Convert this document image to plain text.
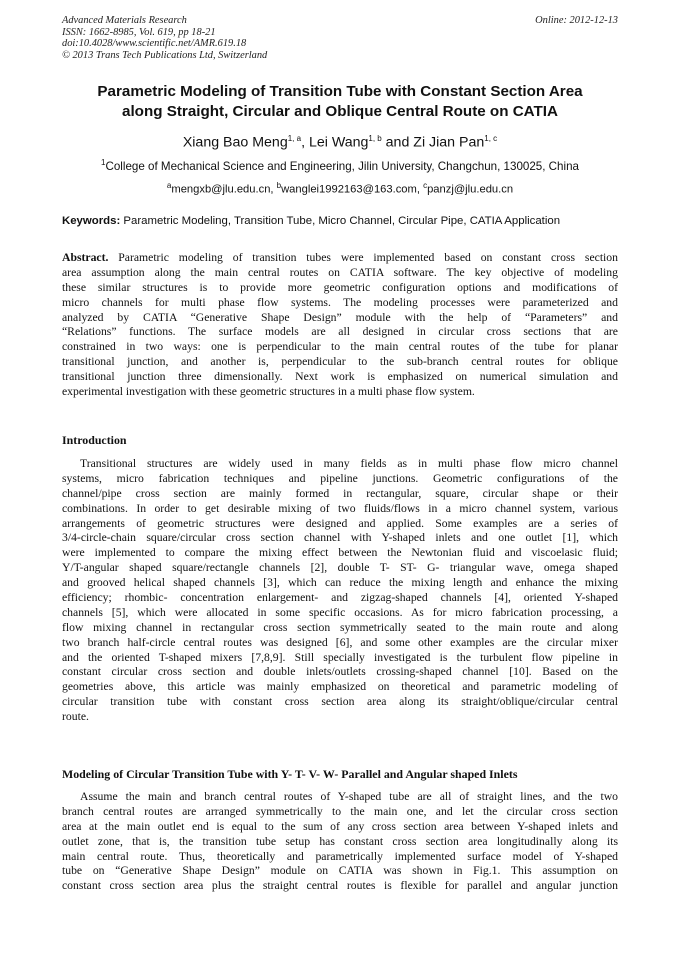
Advanced Materials Research
ISSN: 1662-8985, Vol. 619, pp 18-21
doi:10.4028/www.scientific.net/AMR.619.18
© 2013 Trans Tech Publications Ltd, Switzerland
Online: 2012-12-13
Parametric Modeling of Transition Tube with Constant Section Area
along Straight, Circular and Oblique Central Route on CATIA
Xiang Bao Meng$^{1, a}$, Lei Wang$^{1, b}$ and Zi Jian Pan$^{1, c}$
$^1$College of Mechanical Science and Engineering, Jilin University, Changchun, 130025, China
$^a$mengxb@jlu.edu.cn, $^b$wanglei1992163@163.com, $^c$panzj@jlu.edu.cn
Keywords: Parametric Modeling, Transition Tube, Micro Channel, Circular Pipe, CATIA Application
Abstract. Parametric modeling of transition tubes were implemented based on constant cross section
area assumption along the main central routes on CATIA software. The key objective of modeling
these similar structures is to provide more geometric configuration options and modifications of
micro channels for multi phase flow systems. The modeling processes were parameterized and
analyzed by CATIA “Generative Shape Design” module with the help of “Parameters” and
“Relations” functions. The surface models are all designed in circular cross sections that are
constrained in two ways: one is perpendicular to the main central routes of the tube for planar
transitional junction, and another is, perpendicular to the sub-branch central routes for oblique
transitional junction three dimensionally. Next work is emphasized on numerical simulation and
experimental investigation with these geometric structures in a multi phase flow system.
Introduction
Transitional structures are widely used in many fields as in multi phase flow micro channel
systems, micro fabrication techniques and pipeline junctions. Geometric configurations of the
channel/pipe cross section are mainly formed in rectangular, square, circular shape or their
combinations. In order to get desirable mixing of two fluids/flows in a micro channel system, various
arrangements of geometric structures were designed and applied. Some examples are a series of
3/4-circle-chain square/circular cross section channel with Y-shaped inlets and one outlet [1], which
were implemented to compare the mixing effect between the Newtonian fluid and viscoelasic fluid;
Y/T-angular shaped square/rectangle channels [2], double T- ST- G- triangular wave, omega shaped
and grooved helical shaped channels [3], which can reduce the mixing length and enhance the mixing
efficiency; rhombic- concentration enlargement- and zigzag-shaped channels [4], oriented Y-shaped
channels [5], which were allocated in some specific occasions. As for micro fabrication processing, a
flow mixing channel in rectangular cross section symmetrically seated to the main route and along
two branch half-circle central routes was designed [6], and some other examples are the circular mixer
and the oriented T-shaped mixers [7,8,9]. Still specially investigated is the turbulent flow pipeline in
constant circular cross section and double inlets/outlets crossing-shaped channel [10]. Based on the
geometries above, this article was mainly emphasized on theoretical and parametric modeling of
circular transition tube with constant cross section area along its straight/oblique/circular central
route.
Modeling of Circular Transition Tube with Y- T- V- W- Parallel and Angular shaped Inlets
Assume the main and branch central routes of Y-shaped tube are all of straight lines, and the two
branch central routes are arranged symmetrically to the main one, and let the circular cross section
area at the main outlet end is equal to the sum of any cross section area between Y-shaped inlets and
outlet zone, that is, the transition tube setup has constant cross section area longitudinally along its
main central route. Thus, theoretically and parametrically implemented surface model of Y-shaped
tube on “Generative Shape Design” module on CATIA was shown in Fig.1. This assumption on
constant cross section area plus the straight central routes is flexible for parallel and angular junction
